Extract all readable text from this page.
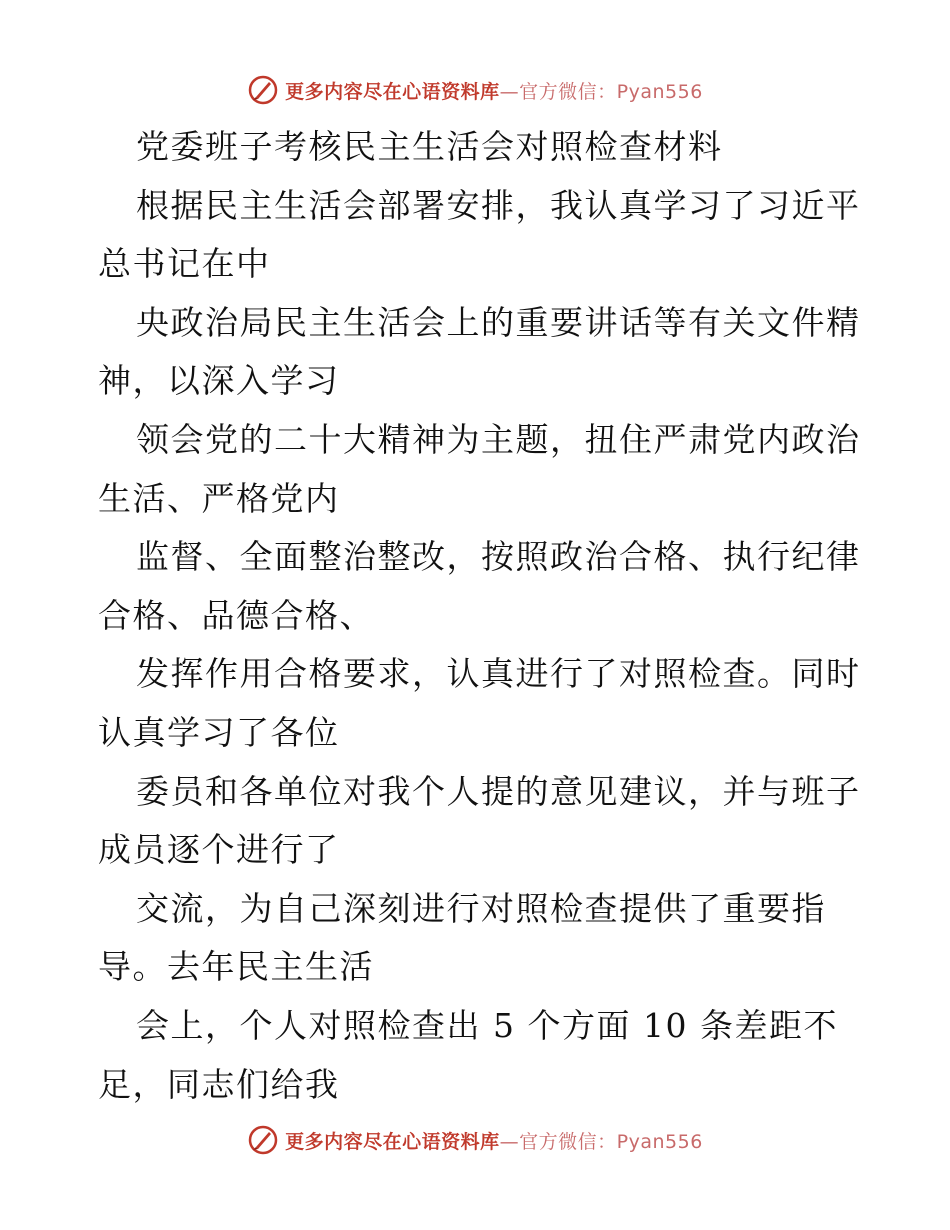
更多内容尽在心语资料库—官方微信：Pyan556
党委班子考核民主生活会对照检查材料
根据民主生活会部署安排，我认真学习了习近平
总书记在中
央政治局民主生活会上的重要讲话等有关文件精
神，以深入学习
领会党的二十大精神为主题，扭住严肃党内政治
生活、严格党内
监督、全面整治整改，按照政治合格、执行纪律
合格、品德合格、
发挥作用合格要求，认真进行了对照检查。同时
认真学习了各位
委员和各单位对我个人提的意见建议，并与班子
成员逐个进行了
交流，为自己深刻进行对照检查提供了重要指
导。去年民主生活
会上，个人对照检查出 5 个方面 10 条差距不
足，同志们给我
更多内容尽在心语资料库—官方微信：Pyan556
